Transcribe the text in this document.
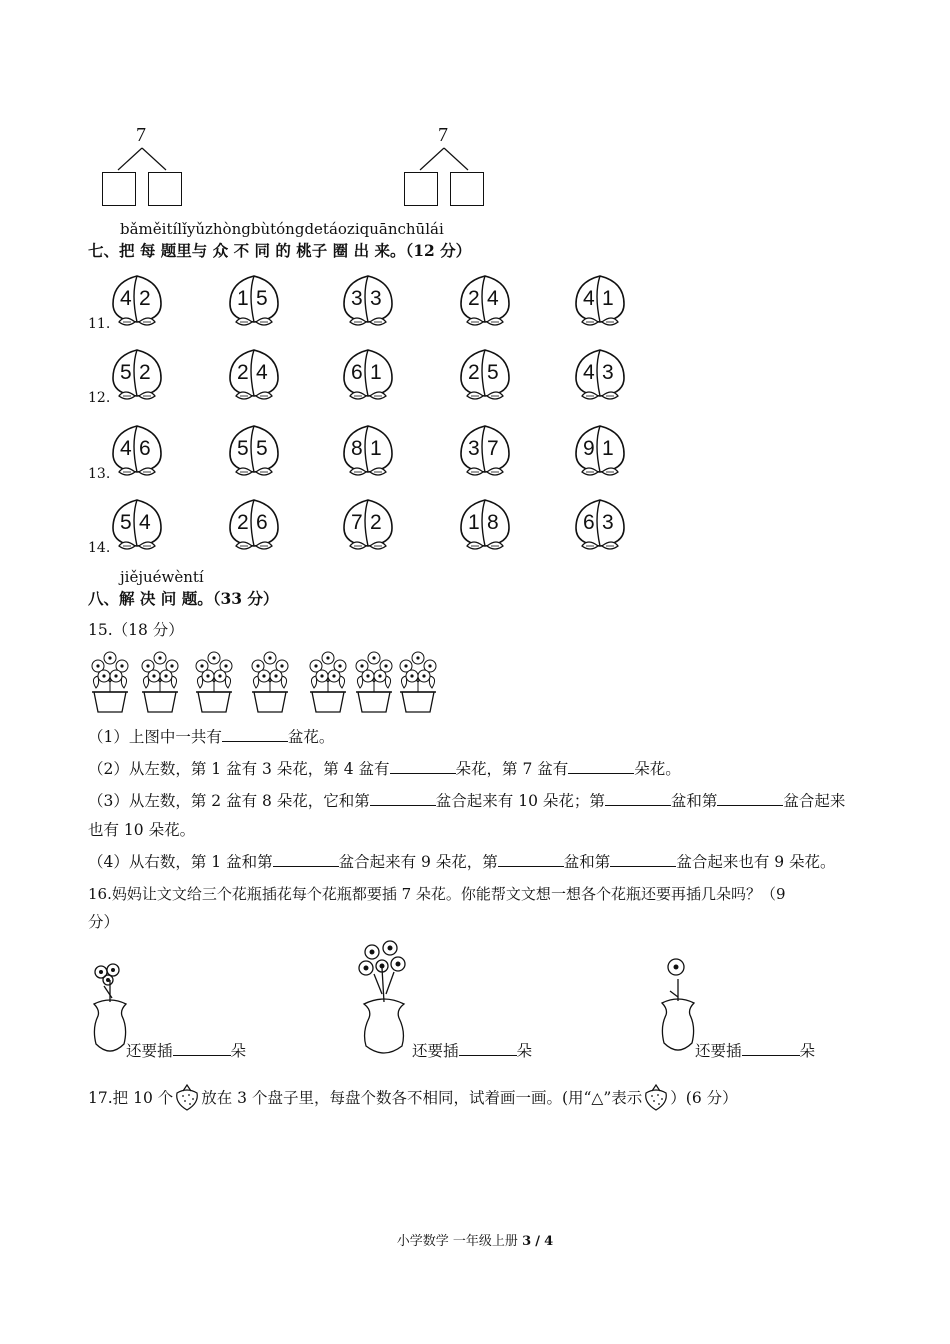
7	7
bǎměitílǐyǔzhòngbùtóngdetáoziquānchūlái
七、把 每 题里与 众 不 同 的 桃子 圈 出 来。（12 分）
11.
4 2	1 5	3 3	2 4	4 1
12.
5 2	2 4	6 1	2 5	4 3
13.
4 6	5 5	8 1	3 7	9 1
14.
5 4	2 6	7 2	1 8	6 3
jiějuéwèntí
八、解 决 问 题。（33 分）
15.（18 分）
（1）上图中一共有	盆花。
（2）从左数，第 1 盆有 3 朵花，第 4 盆有	朵花，第 7 盆有	朵花。
（3）从左数，第 2 盆有 8 朵花，它和第	盆合起来有 10 朵花；第	盆和第	盆合起来
也有 10 朵花。
（4）从右数，第 1 盆和第	盆合起来有 9 朵花，第	盆和第	盆合起来也有 9 朵花。
16.妈妈让文文给三个花瓶插花每个花瓶都要插 7 朵花。你能帮文文想一想各个花瓶还要再插几朵吗？（9
分）
还要插	朵	还要插	朵	还要插	朵
17.把 10 个 放在 3 个盘子里，每盘个数各不相同，试着画一画。(用“△”表示 ）(6 分）
小学数学 一年级上册 3 / 4
